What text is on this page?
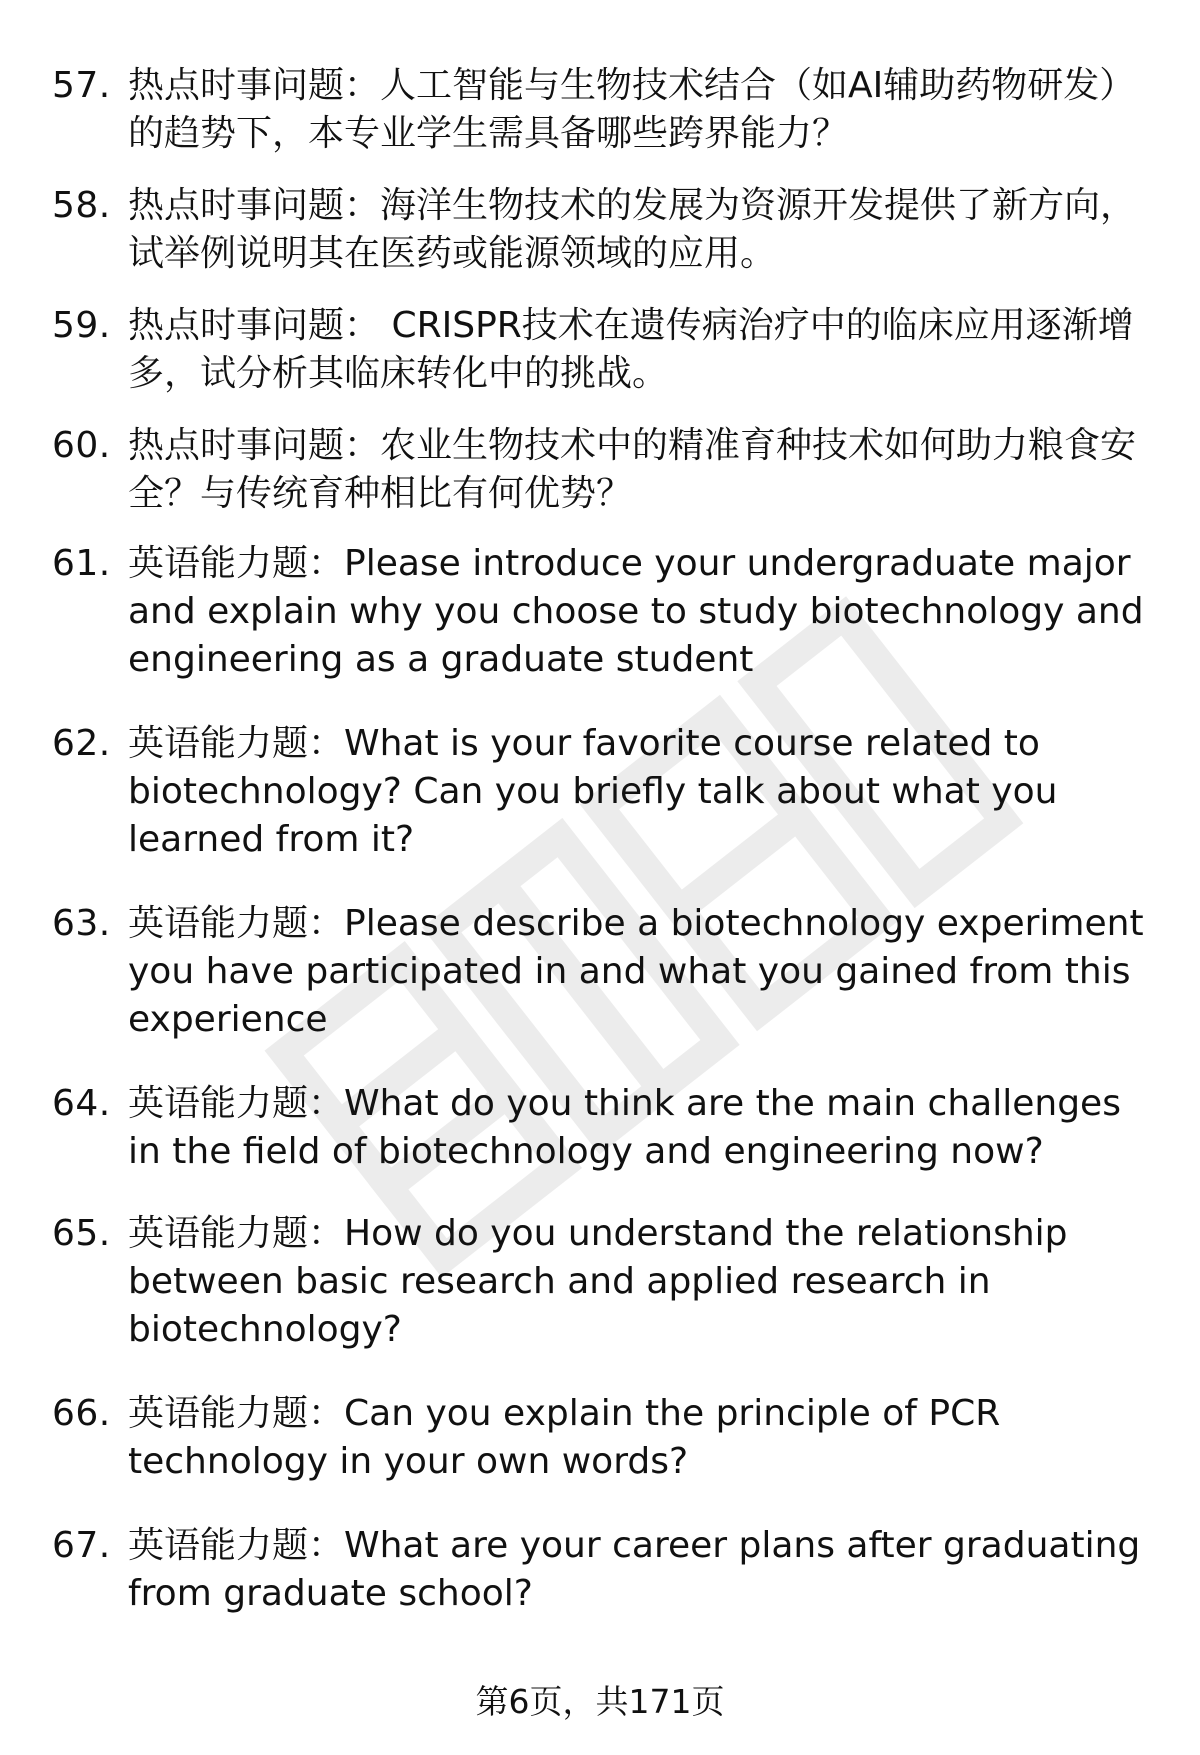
57. 热点时事问题：人工智能与生物技术结合（如AI辅助药物研发）的趋势下，本专业学生需具备哪些跨界能力？
58. 热点时事问题：海洋生物技术的发展为资源开发提供了新方向，试举例说明其在医药或能源领域的应用。
59. 热点时事问题： CRISPR技术在遗传病治疗中的临床应用逐渐增多，试分析其临床转化中的挑战。
60. 热点时事问题：农业生物技术中的精准育种技术如何助力粮食安全？与传统育种相比有何优势？
61. 英语能力题：Please introduce your undergraduate major and explain why you choose to study biotechnology and engineering as a graduate student
62. 英语能力题：What is your favorite course related to biotechnology? Can you briefly talk about what you learned from it?
63. 英语能力题：Please describe a biotechnology experiment you have participated in and what you gained from this experience
64. 英语能力题：What do you think are the main challenges in the field of biotechnology and engineering now?
65. 英语能力题：How do you understand the relationship between basic research and applied research in biotechnology?
66. 英语能力题：Can you explain the principle of PCR technology in your own words?
67. 英语能力题：What are your career plans after graduating from graduate school?
第6页，共171页
